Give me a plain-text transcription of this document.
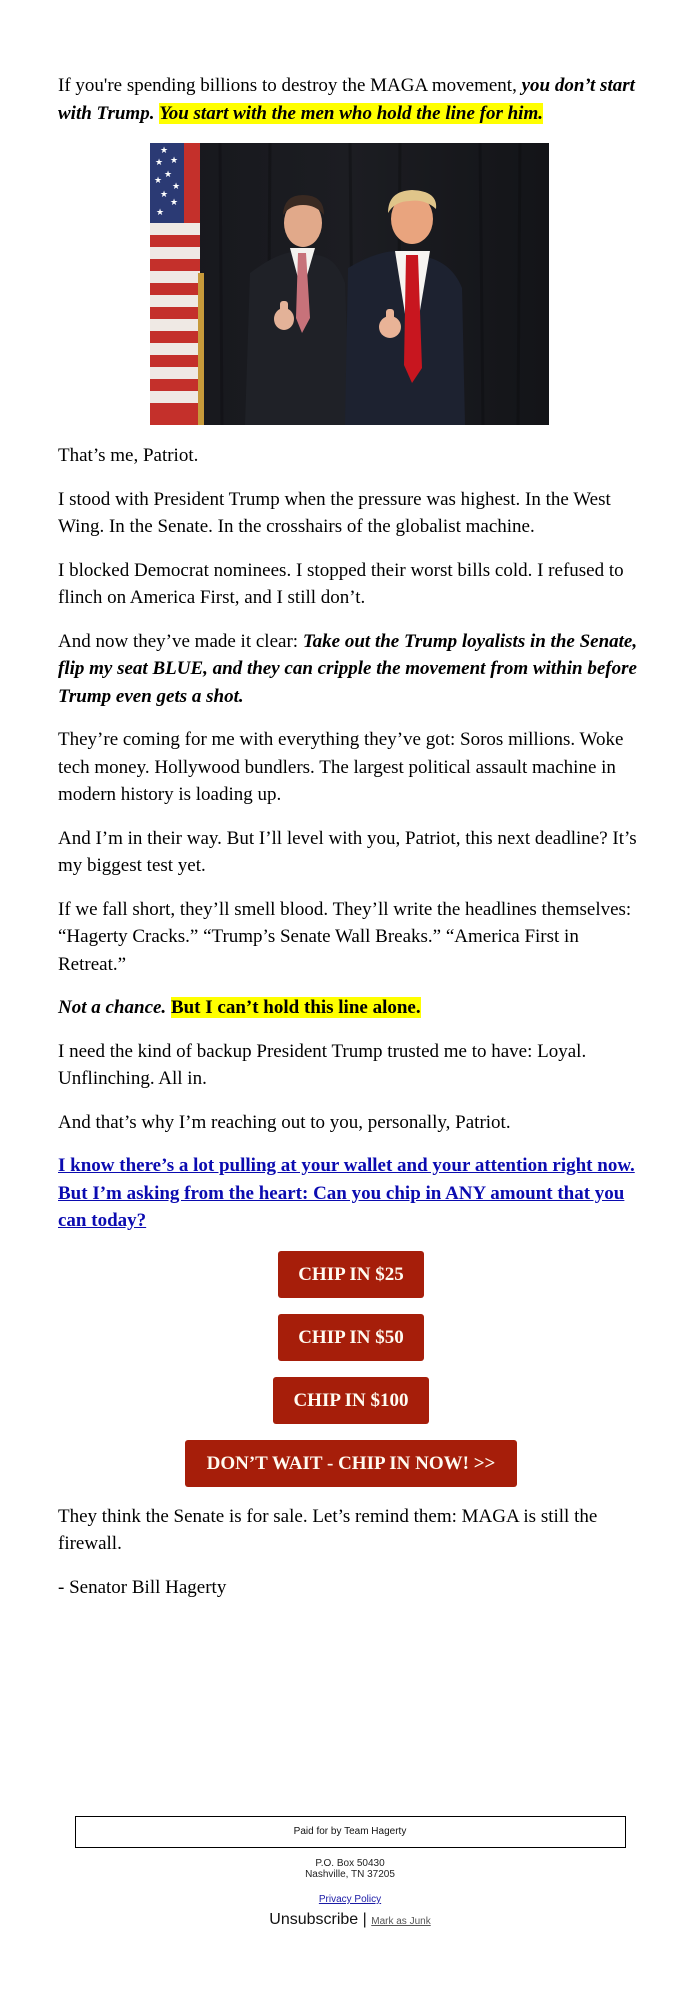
If you're spending billions to destroy the MAGA movement, you don’t start with Trump. You start with the men who hold the line for him.

★
★
★
★
★
★
★
★
★

That’s me, Patriot.

I stood with President Trump when the pressure was highest. In the West Wing. In the Senate. In the crosshairs of the globalist machine.

I blocked Democrat nominees. I stopped their worst bills cold. I refused to flinch on America First, and I still don’t.

And now they’ve made it clear: Take out the Trump loyalists in the Senate, flip my seat BLUE, and they can cripple the movement from within before Trump even gets a shot.

They’re coming for me with everything they’ve got: Soros millions. Woke tech money. Hollywood bundlers. The largest political assault machine in modern history is loading up.

And I’m in their way. But I’ll level with you, Patriot, this next deadline? It’s my biggest test yet.

If we fall short, they’ll smell blood. They’ll write the headlines themselves: “Hagerty Cracks.” “Trump’s Senate Wall Breaks.” “America First in Retreat.”

Not a chance. But I can’t hold this line alone.

I need the kind of backup President Trump trusted me to have: Loyal. Unflinching. All in.

And that’s why I’m reaching out to you, personally, Patriot.

I know there’s a lot pulling at your wallet and your attention right now. But I’m asking from the heart: Can you chip in ANY amount that you can today?

CHIP IN $25
CHIP IN $50
CHIP IN $100
DON’T WAIT - CHIP IN NOW! >>

They think the Senate is for sale. Let’s remind them: MAGA is still the firewall.

- Senator Bill Hagerty

Paid for by Team Hagerty
P.O. Box 50430
Nashville, TN 37205
Privacy Policy
Unsubscribe | Mark as Junk
